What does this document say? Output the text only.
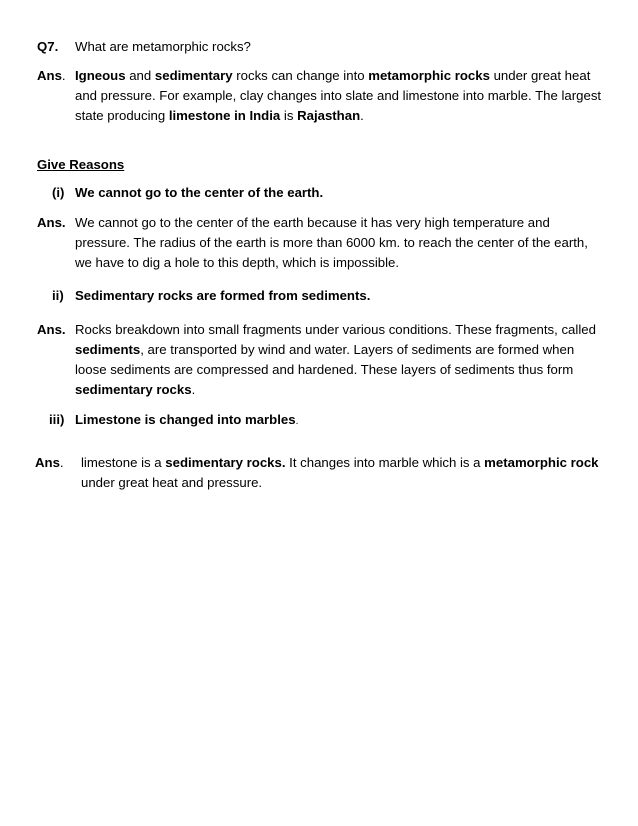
Q7. What are metamorphic rocks?
Ans. Igneous and sedimentary rocks can change into metamorphic rocks under great heat and pressure. For example, clay changes into slate and limestone into marble. The largest state producing limestone in India is Rajasthan.
Give Reasons
(i) We cannot go to the center of the earth.
Ans. We cannot go to the center of the earth because it has very high temperature and pressure. The radius of the earth is more than 6000 km. to reach the center of the earth, we have to dig a hole to this depth, which is impossible.
ii) Sedimentary rocks are formed from sediments.
Ans. Rocks breakdown into small fragments under various conditions. These fragments, called sediments, are transported by wind and water. Layers of sediments are formed when loose sediments are compressed and hardened. These layers of sediments thus form sedimentary rocks.
iii) Limestone is changed into marbles.
Ans. limestone is a sedimentary rocks. It changes into marble which is a metamorphic rock under great heat and pressure.
